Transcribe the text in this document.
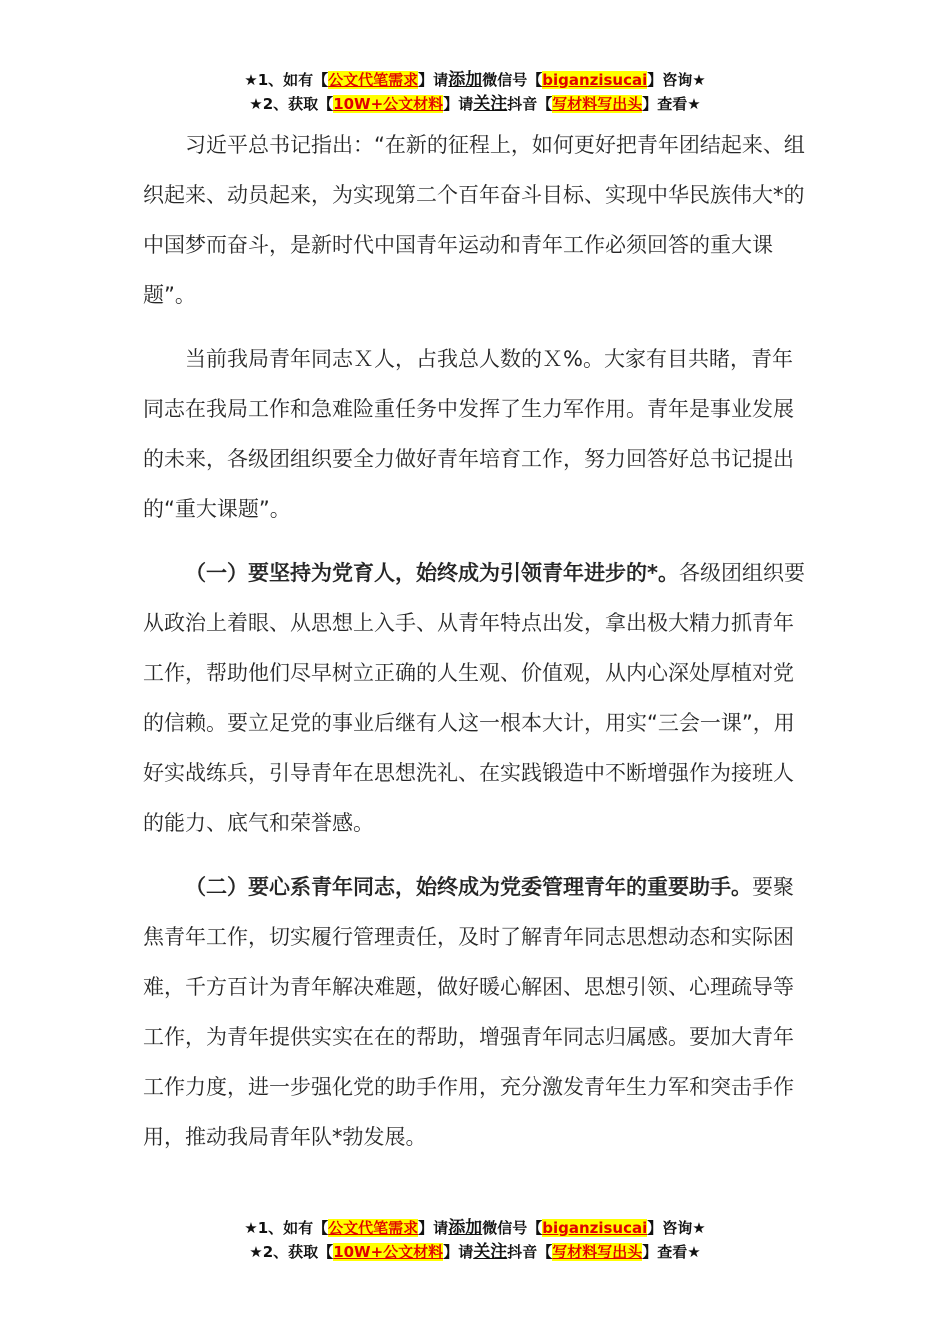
★1、如有【公文代笔需求】请添加微信号【biganzisucai】咨询★
★2、获取【10W+公文材料】请关注抖音【写材料写出头】查看★

习近平总书记指出：“在新的征程上，如何更好把青年团结起来、组织起来、动员起来，为实现第二个百年奋斗目标、实现中华民族伟大*的中国梦而奋斗，是新时代中国青年运动和青年工作必须回答的重大课题”。

当前我局青年同志Ｘ人，占我总人数的Ｘ%。大家有目共睹，青年同志在我局工作和急难险重任务中发挥了生力军作用。青年是事业发展的未来，各级团组织要全力做好青年培育工作，努力回答好总书记提出的“重大课题”。

（一）要坚持为党育人，始终成为引领青年进步的*。各级团组织要从政治上着眼、从思想上入手、从青年特点出发，拿出极大精力抓青年工作，帮助他们尽早树立正确的人生观、价值观，从内心深处厚植对党的信赖。要立足党的事业后继有人这一根本大计，用实“三会一课”，用好实战练兵，引导青年在思想洗礼、在实践锻造中不断增强作为接班人的能力、底气和荣誉感。

（二）要心系青年同志，始终成为党委管理青年的重要助手。要聚焦青年工作，切实履行管理责任，及时了解青年同志思想动态和实际困难，千方百计为青年解决难题，做好暖心解困、思想引领、心理疏导等工作，为青年提供实实在在的帮助，增强青年同志归属感。要加大青年工作力度，进一步强化党的助手作用，充分激发青年生力军和突击手作用，推动我局青年队*勃发展。

★1、如有【公文代笔需求】请添加微信号【biganzisucai】咨询★
★2、获取【10W+公文材料】请关注抖音【写材料写出头】查看★
